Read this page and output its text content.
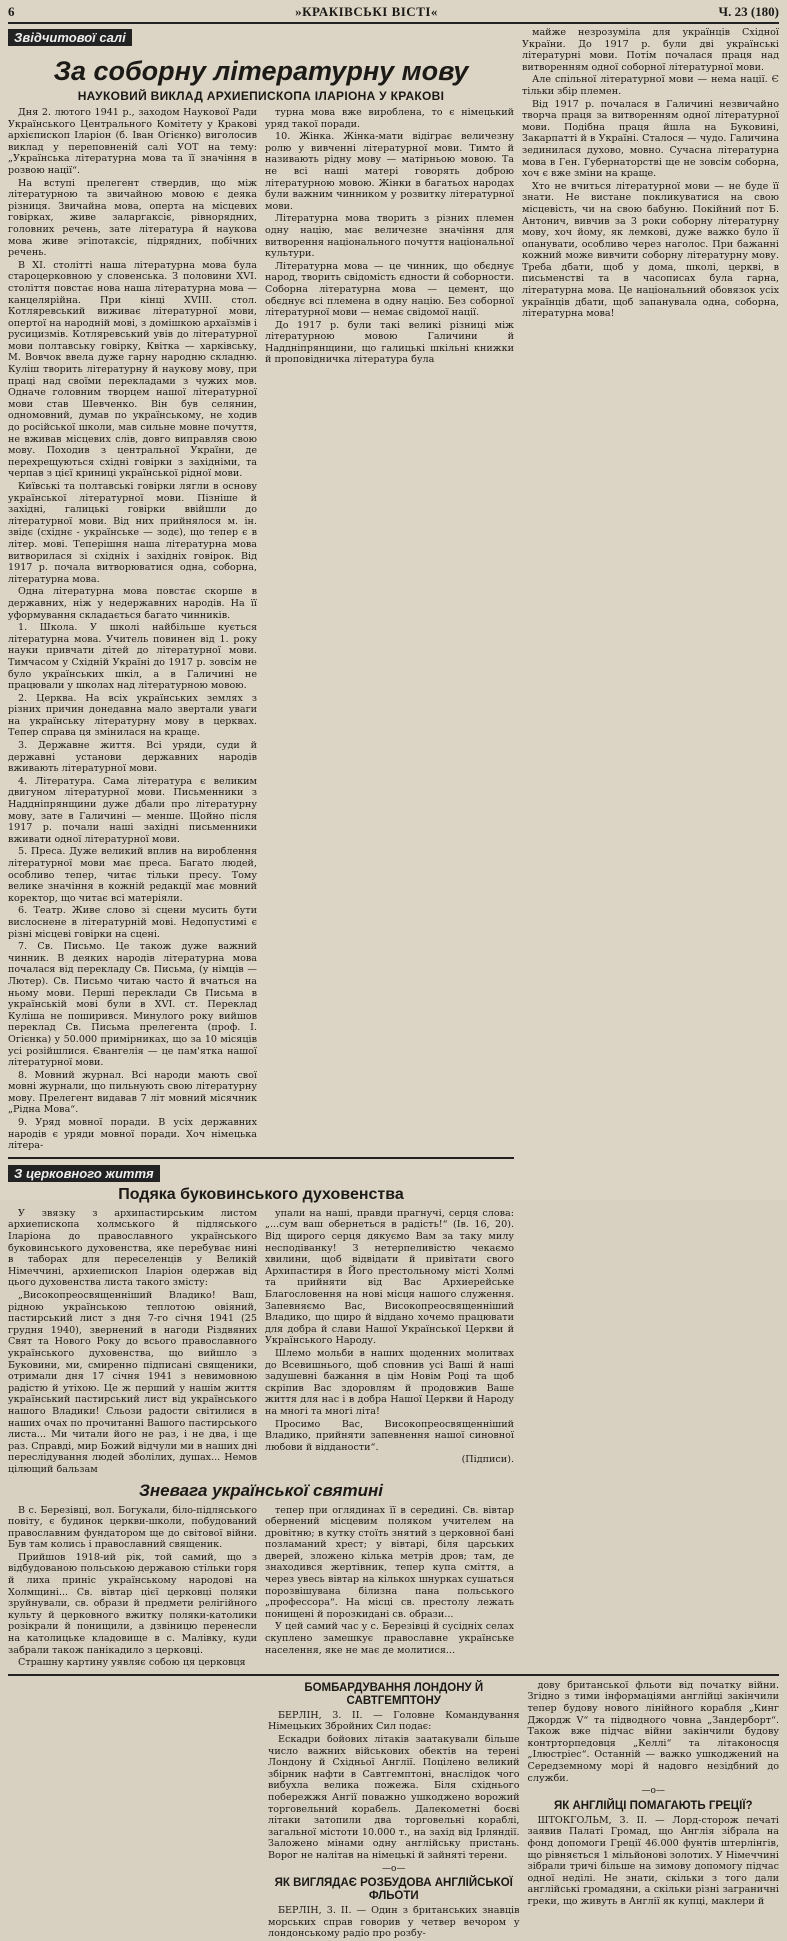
6	»КРАКІВСЬКІ ВІСТІ«	Ч. 23 (180)
Звідчитової салі
За соборну літературну мову
НАУКОВИЙ ВИКЛАД АРХИЕПИСКОПА ІЛАРІОНА У КРАКОВІ

Дня 2. лютого 1941 р., заходом Наукової Ради Українського Центрального Комітету у Кракові архієпископ Іларіон (б. Іван Огієнко) виголосив виклад у переповненій салі УОТ на тему: „Українська літературна мова та її значіння в розвою нації“.

На вступі прелегент ствердив, що між літературною та звичайною мовою є деяка різниця. Звичайна мова, оперта на місцевих говірках, живе заларгаксіє, рівнорядних, головних речень, затe література й наукова мова живе эгіпотаксіє, підрядних, побічних речень.

В XI. столітті наша літературна мова була староцерковною у словенська. З половини XVI. століття повстає нова наша літературна мова — канцелярійна. При кінці XVIII. стол. Котляревський виживає літературної мови, опертої на народній мові, з домішкою архаїзмів і русицизмів. Котляревський увів до літературної мови полтавську говірку, Квітка — харківську, М. Вовчок ввела дуже гарну народню складню. Куліш творить літературну й наукову мову, при праці над своїми перекладами з чужих мов. Одначе головним творцем нашої літературної мови став Шевченко. Він був селянин, одномовний, думав по українському, не ходив до російської школи, мав сильне мовне почуття, не вживав місцевих слів, довго виправляв свою мову. Походив з центральної України, де перехрещуються східні говірки з західніми, та черпав з цієї криниці української рідної мови.

Київські та полтавські говірки лягли в основу української літературної мови. Пізніше й західні, галицькі говірки ввійшли до літературної мови. Від них прийнялося м. ін. звідє (східнє - українське — зодє), що тепер є в літер. мові. Теперішня наша літературна мова витворилася зі східніх і західніх говірок. Від 1917 р. почала витворюватися одна, соборна, літературна мова.

Одна літературна мова повстає скорше в державних, ніж у недержавних народів. На її уформування складається багато чинників.

1. Школа. У школі найбільше кується літературна мова. Учитель повинен від 1. року науки привчати дітей до літературної мови. Тимчасом у Східній Україні до 1917 р. зовсім не було українських шкіл, а в Галичині не працювали у школах над літературною мовою.

2. Церква. На всіх українських землях з різних причин донедавна мало звертали уваги на українську літературну мову в церквах. Тепер справа ця змінилася на краще.

3. Державне життя. Всі уряди, суди й державні установи державних народів вживають літературної мови.

4. Література. Сама література є великим двигуном літературної мови. Письменники з Наддніпрянщини дуже дбали про літературну мову, зате в Галичині — менше. Щойно після 1917 р. почали наші західні письменники вживати одної літературної мови.

5. Преса. Дуже великий вплив на вироблення літературної мови має преса. Багато людей, особливо тепер, читає тільки пресу. Тому велике значіння в кожній редакції має мовний коректор, що читає всі матеріяли.

6. Театр. Живе слово зі сцени мусить бути вислоснене в літературній мові. Недопустимі є різні місцеві говірки на сцені.

7. Св. Письмо. Це також дуже важний чинник. В деяких народів літературна мова почалася від перекладу Св. Письма, (у німців — Лютер). Св. Письмо читаю часто й вчаться на ньому мови. Перші переклади Св Письма в українській мові були в XVI. ст. Переклад Куліша не поширився. Минулого року вийшов переклад Св. Письма прелегента (проф. І. Огієнка) у 50.000 примірниках, що за 10 місяців усі розійшлися. Євангелія — це пам'ятка нашої літературної мови.

8. Мовний журнал. Всі народи мають свої мовні журнали, що пильнують свою літературну мову. Прелегент видавав 7 літ мовний місячник „Рідна Мова“.

9. Уряд мовної поради. В усіх державних народів є уряди мовної поради. Хоч німецька літера-

турна мова вже вироблена, то є німецький уряд такої поради.

10. Жінка. Жінка-мати відіграє величезну ролю у вивченні літературної мови. Тимто й називають рідну мову — матірньою мовою. Та не всі наші матері говорять доброю літературною мовою. Жінки в багатьох народах були важним чинником у розвитку літературної мови.

Літературна мова творить з різних племен одну націю, має величезне значіння для витворення національного почуття національної культури.

Літературна мова — це чинник, що обєднує народ, творить свідомість єдности й соборности. Соборна літературна мова — цемент, що обєднує всі племена в одну націю. Без соборної літературної мови — немає свідомої нації.

До 1917 р. були такі великі різниці між літературною мовою Галичини й Наддніпрянщини, що галицькі шкільні книжки й проповідничка література була

З церковного життя
Подяка буковинського духовенства

У звязку з архипастирським листом архиепископа холмського й підляського Іларіона до православного українського буковинського духовенства, яке перебуває нині в таборах для переселенців у Великій Німеччині, архиепископ Іларіон одержав від цього духовенства листа такого змісту:

„Високопреосвященніший Владико! Ваш, рідною українською теплотою овіяний, пастирський лист з дня 7-го січня 1941 (25 грудня 1940), звернений в нагоди Різдвяних Свят та Нового Року до всього православного українського духовенства, що вийшло з Буковини, ми, смиренно підписані священики, отримали дня 17 січня 1941 з невимовною радістю й утіхою. Це ж перший у нашім життя український пастирський лист від українського нашого Владики! Сльози радости світилися в наших очах по прочитанні Вашого пастирського листа... Ми читали його не раз, і не два, і ще раз. Справді, мир Божий відчули ми в наших дні переслідування людей зболілих, душах... Немов цілющий бальзам

упали на наші, правди прагнучі, серця слова: „...сум ваш обернеться в радість!“ (Ів. 16, 20). Від щирого серця дякуємо Вам за таку милу несподіванку! З нетерпеливістю чекаємо хвилини, щоб відвідати й привітати свого Архипастиря в Його престольному місті Холмі та прийняти від Вас Архиерейське Благословення на нові місця нашого служення. Запевняємо Вас, Високопреосвященніший Владико, що щиро й віддано хочемо працювати для добра й слави Нашої Української Церкви й Українського Народу.

Шлемо мольби в наших щоденних молитвах до Всевишнього, щоб сповнив усі Ваші й наші задушевні бажання в цім Новім Році та щоб скріпив Вас здоровлям й продовжив Ваше життя для нас і в добра Нашої Церкви й Народу на многі та многі літа!

Просимо Вас, Високопреосвященніший Владико, прийняти запевнення нашої синовної любови й відданости“.

(Підписи).

Зневага української святині

В с. Березівці, вол. Богукали, біло-підляського повіту, є будинок церкви-школи, побудований православним фундатором ще до світової війни. Був там колись і православний священик.

Прийшов 1918-ий рік, той самий, що з відбудованою польською державою стільки горя й лиха приніс українському народові на Холмщині... Св. вівтар цієї церковці поляки зруйнували, св. образи й предмети релігійного культу й церковного вжитку поляки-католики розікрали й понищили, а дзвіницю перенесли на католицьке кладовище в с. Малівку, куди забрали також панікадило з церковці.

Страшну картину уявляє собою ця церковця

тепер при оглядинах її в середині. Св. вівтар обернений місцевим поляком учителем на дровітню; в кутку стоїть знятий з церковної бані позламаний хрест; у вівтарі, біля царських дверей, зложено кілька метрів дров; там, де знаходився жертівник, тепер купа сміття, а через увесь вівтар на кількох шнурках сушаться порозвішувана білизна пана польського „профессора“. На місці св. престолу лежать понищені й порозкидані св. образи...

У цей самий час у с. Березівці й сусідніх селах скуплено замешкує православне українське населення, яке не має де молитися...

майже незрозуміла для українців Східної України. До 1917 р. були дві українські літературні мови. Потім почалася праця над витворенням одної соборної літературної мови.

Але спільної літературної мови — нема нації. Є тільки збір племен.

Від 1917 р. почалася в Галичині незвичайно творча праця за витворенням одної літературної мови. Подібна праця йшла на Буковині, Закарпатті й в Україні. Сталося — чудо. Галичина зединилася духово, мовно. Сучасна літературна мова в Ген. Губернаторстві ще не зовсім соборна, хоч є вже зміни на краще.

Хто не вчиться літературної мови — не буде її знати. Не вистане покликуватися на свою місцевість, чи на свою бабуню. Покійний пот Б. Антонич, вивчив за 3 роки соборну літературну мову, хоч йому, як лемкові, дуже важко було її опанувати, особливо через наголос. При бажанні кожний може вивчити соборну літературну мову. Треба дбати, щоб у дома, школі, церкві, в письменстві та в часописах була гарна, літературна мова. Це національний обовязок усіх українців дбати, щоб запанувала одна, соборна, літературна мова!

БОМБАРДУВАННЯ ЛОНДОНУ Й САВТГЕМПТОНУ

БЕРЛІН, 3. II. — Головне Командування Німецьких Збройних Сил подає:

Ескадри бойових літаків заатакували більше число важних військових обектів на терені Лондону й Східньої Англії. Поцілено великий збірник нафти в Савтгемптоні, внаслідок чого вибухла велика пожежа. Біля східнього побережжя Ангії поважно ушкоджено ворожий торговельний корабель. Далекометні боєві літаки затопили два торговельні кораблі, загальної містоти 10.000 т., на захід від Ірляндії. Заложено мінами одну англійську пристань. Ворог не налітав на німецькі й зайняті терени.

—o—
ЯК ВИГЛЯДАЄ РОЗБУДОВА АНГЛІЙСЬКОЇ ФЛЬОТИ

БЕРЛІН, 3. II. — Один з британських знавців морських справ говорив у четвер вечором у лондонському радіо про розбу-

дову британської фльоти від початку війни. Згідно з тими інформаціями англійці закінчили тепер будову нового лінійного корабля „Кинг Джордж V“ та підводного човна „Зандерборт“. Також вже підчас війни закінчили будову контрторпедовця „Келлі“ та літаконосця „Ілюстріес“. Останній — важко ушкоджений на Середземному морі й надовго незідбний до служби.

—o—
ЯК АНГЛІЙЦІ ПОМАГАЮТЬ ГРЕЦІЇ?

ШТОКГОЛЬМ, 3. II. — Лорд-сторож печаті заявив Палаті Громад, що Англія зібрала на фонд допомоги Греції 46.000 фунтів штерлінгів, що рівняється 1 мільйонові золотих. У Німеччині зібрали тричі більше на зимову допомогу підчас одної неділі. Не знати, скільки з того дали англійські громадяни, а скільки різні заграничні греки, що живуть в Англії як купці, маклери й
